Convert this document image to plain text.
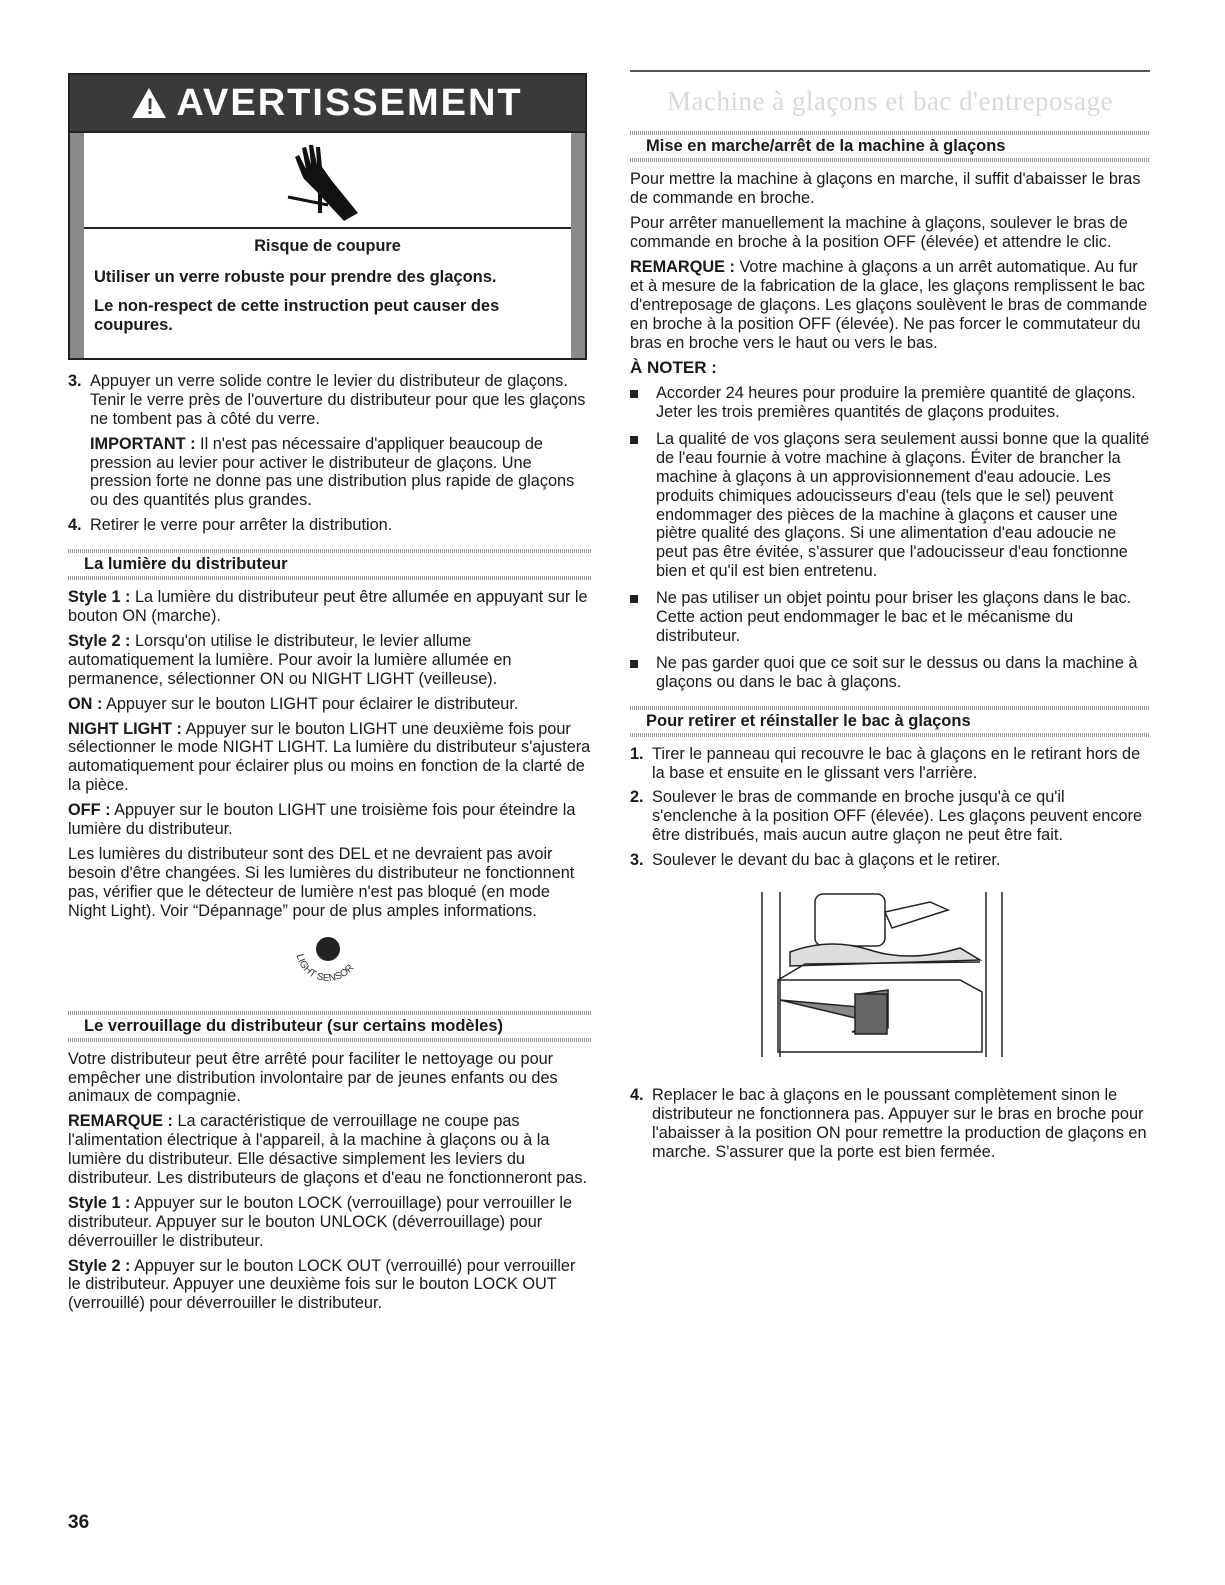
! AVERTISSEMENT
Risque de coupure
Utiliser un verre robuste pour prendre des glaçons.
Le non-respect de cette instruction peut causer des coupures.
3. Appuyer un verre solide contre le levier du distributeur de glaçons. Tenir le verre près de l'ouverture du distributeur pour que les glaçons ne tombent pas à côté du verre.

IMPORTANT : Il n'est pas nécessaire d'appliquer beaucoup de pression au levier pour activer le distributeur de glaçons. Une pression forte ne donne pas une distribution plus rapide de glaçons ou des quantités plus grandes.

4. Retirer le verre pour arrêter la distribution.
La lumière du distributeur

Style 1 : La lumière du distributeur peut être allumée en appuyant sur le bouton ON (marche).

Style 2 : Lorsqu'on utilise le distributeur, le levier allume automatiquement la lumière. Pour avoir la lumière allumée en permanence, sélectionner ON ou NIGHT LIGHT (veilleuse).

ON : Appuyer sur le bouton LIGHT pour éclairer le distributeur.

NIGHT LIGHT : Appuyer sur le bouton LIGHT une deuxième fois pour sélectionner le mode NIGHT LIGHT. La lumière du distributeur s'ajustera automatiquement pour éclairer plus ou moins en fonction de la clarté de la pièce.

OFF : Appuyer sur le bouton LIGHT une troisième fois pour éteindre la lumière du distributeur.

Les lumières du distributeur sont des DEL et ne devraient pas avoir besoin d'être changées. Si les lumières du distributeur ne fonctionnent pas, vérifier que le détecteur de lumière n'est pas bloqué (en mode Night Light). Voir “Dépannage” pour de plus amples informations.

LIGHT SENSOR
Le verrouillage du distributeur (sur certains modèles)

Votre distributeur peut être arrêté pour faciliter le nettoyage ou pour empêcher une distribution involontaire par de jeunes enfants ou des animaux de compagnie.

REMARQUE : La caractéristique de verrouillage ne coupe pas l'alimentation électrique à l'appareil, à la machine à glaçons ou à la lumière du distributeur. Elle désactive simplement les leviers du distributeur. Les distributeurs de glaçons et d'eau ne fonctionneront pas.

Style 1 : Appuyer sur le bouton LOCK (verrouillage) pour verrouiller le distributeur. Appuyer sur le bouton UNLOCK (déverrouillage) pour déverrouiller le distributeur.

Style 2 : Appuyer sur le bouton LOCK OUT (verrouillé) pour verrouiller le distributeur. Appuyer une deuxième fois sur le bouton LOCK OUT (verrouillé) pour déverrouiller le distributeur.

Machine à glaçons et bac d'entreposage
Mise en marche/arrêt de la machine à glaçons

Pour mettre la machine à glaçons en marche, il suffit d'abaisser le bras de commande en broche.

Pour arrêter manuellement la machine à glaçons, soulever le bras de commande en broche à la position OFF (élevée) et attendre le clic.

REMARQUE : Votre machine à glaçons a un arrêt automatique. Au fur et à mesure de la fabrication de la glace, les glaçons remplissent le bac d'entreposage de glaçons. Les glaçons soulèvent le bras de commande en broche à la position OFF (élevée). Ne pas forcer le commutateur du bras en broche vers le haut ou vers le bas.

À NOTER :

Accorder 24 heures pour produire la première quantité de glaçons. Jeter les trois premières quantités de glaçons produites.
La qualité de vos glaçons sera seulement aussi bonne que la qualité de l'eau fournie à votre machine à glaçons. Éviter de brancher la machine à glaçons à un approvisionnement d'eau adoucie. Les produits chimiques adoucisseurs d'eau (tels que le sel) peuvent endommager des pièces de la machine à glaçons et causer une piètre qualité des glaçons. Si une alimentation d'eau adoucie ne peut pas être évitée, s'assurer que l'adoucisseur d'eau fonctionne bien et qu'il est bien entretenu.
Ne pas utiliser un objet pointu pour briser les glaçons dans le bac. Cette action peut endommager le bac et le mécanisme du distributeur.
Ne pas garder quoi que ce soit sur le dessus ou dans la machine à glaçons ou dans le bac à glaçons.
Pour retirer et réinstaller le bac à glaçons
1. Tirer le panneau qui recouvre le bac à glaçons en le retirant hors de la base et ensuite en le glissant vers l'arrière.
2. Soulever le bras de commande en broche jusqu'à ce qu'il s'enclenche à la position OFF (élevée). Les glaçons peuvent encore être distribués, mais aucun autre glaçon ne peut être fait.
3. Soulever le devant du bac à glaçons et le retirer.
4. Replacer le bac à glaçons en le poussant complètement sinon le distributeur ne fonctionnera pas. Appuyer sur le bras en broche pour l'abaisser à la position ON pour remettre la production de glaçons en marche. S'assurer que la porte est bien fermée.
36
